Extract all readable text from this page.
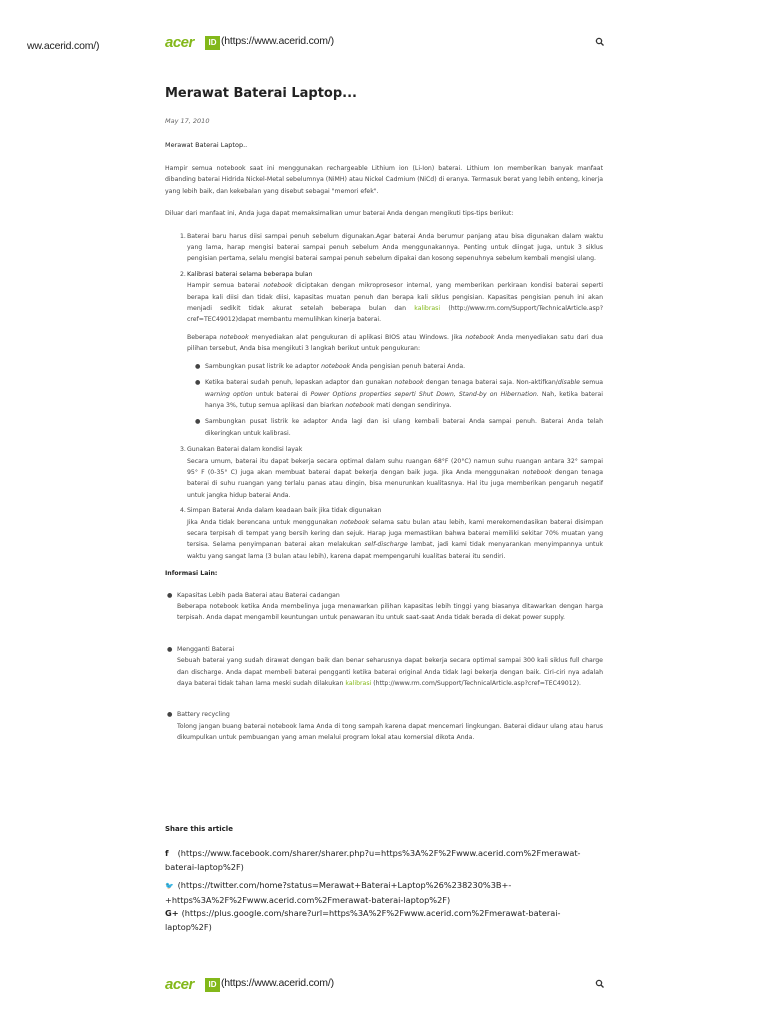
ww.acerid.com/)	acer	ID (https://www.acerid.com/)
Merawat Baterai Laptop...
May 17, 2010
Merawat Baterai Laptop..

Hampir semua notebook saat ini menggunakan rechargeable Lithium ion (Li-Ion) baterai. Lithium Ion memberikan banyak manfaat dibanding baterai Hidrida Nickel-Metal sebelumnya (NiMH) atau Nickel Cadmium (NiCd) di eranya. Termasuk berat yang lebih enteng, kinerja yang lebih baik, dan kekebalan yang disebut sebagai "memori efek".

Diluar dari manfaat ini, Anda juga dapat memaksimalkan umur baterai Anda dengan mengikuti tips-tips berikut:

1. Baterai baru harus diisi sampai penuh sebelum digunakan.Agar baterai Anda berumur panjang atau bisa digunakan dalam waktu yang lama, harap mengisi baterai sampai penuh sebelum Anda menggunakannya. Penting untuk diingat juga, untuk 3 siklus pengisian pertama, selalu mengisi baterai sampai penuh sebelum dipakai dan kosong sepenuhnya sebelum kembali mengisi ulang.

2. Kalibrasi baterai selama beberapa bulan

Hampir semua baterai notebook diciptakan dengan mikroprosesor internal, yang memberikan perkiraan kondisi baterai seperti berapa kali diisi dan tidak diisi, kapasitas muatan penuh dan berapa kali siklus pengisian. Kapasitas pengisian penuh ini akan menjadi sedikit tidak akurat setelah beberapa bulan dan kalibrasi (http://www.rm.com/Support/TechnicalArticle.asp?cref=TEC49012)dapat membantu memulihkan kinerja baterai.

Beberapa notebook menyediakan alat pengukuran di aplikasi BIOS atau Windows. Jika notebook Anda menyediakan satu dari dua pilihan tersebut, Anda bisa mengikuti 3 langkah berikut untuk pengukuran:

● Sambungkan pusat listrik ke adaptor notebook Anda pengisian penuh baterai Anda.
● Ketika baterai sudah penuh, lepaskan adaptor dan gunakan notebook dengan tenaga baterai saja. Non-aktifkan/disable semua warning option untuk baterai di Power Options properties seperti Shut Down, Stand-by on Hibernation. Nah, ketika baterai hanya 3%, tutup semua aplikasi dan biarkan notebook mati dengan sendirinya.
● Sambungkan pusat listrik ke adaptor Anda lagi dan isi ulang kembali baterai Anda sampai penuh. Baterai Anda telah dikeringkan untuk kalibrasi.
3. Gunakan Baterai dalam kondisi layak

Secara umum, baterai itu dapat bekerja secara optimal dalam suhu ruangan 68°F (20°C) namun suhu ruangan antara 32° sampai 95° F (0-35° C) juga akan membuat baterai dapat bekerja dengan baik juga. Jika Anda menggunakan notebook dengan tenaga baterai di suhu ruangan yang terlalu panas atau dingin, bisa menurunkan kualitasnya. Hal itu juga memberikan pengaruh negatif untuk jangka hidup baterai Anda.

4. Simpan Baterai Anda dalam keadaan baik jika tidak digunakan

Jika Anda tidak berencana untuk menggunakan notebook selama satu bulan atau lebih, kami merekomendasikan baterai disimpan secara terpisah di tempat yang bersih kering dan sejuk. Harap juga memastikan bahwa baterai memiliki sekitar 70% muatan yang tersisa. Selama penyimpanan baterai akan melakukan self-discharge lambat, jadi kami tidak menyarankan menyimpannya untuk waktu yang sangat lama (3 bulan atau lebih), karena dapat mempengaruhi kualitas baterai itu sendiri.

Informasi Lain:

● Kapasitas Lebih pada Baterai atau Baterai cadangan
Beberapa notebook ketika Anda membelinya juga menawarkan pilihan kapasitas lebih tinggi yang biasanya ditawarkan dengan harga terpisah. Anda dapat mengambil keuntungan untuk penawaran itu untuk saat-saat Anda tidak berada di dekat power supply.
● Mengganti Baterai
Sebuah baterai yang sudah dirawat dengan baik dan benar seharusnya dapat bekerja secara optimal sampai 300 kali siklus full charge dan discharge. Anda dapat membeli baterai pengganti ketika baterai original Anda tidak lagi bekerja dengan baik. Ciri-ciri nya adalah daya baterai tidak tahan lama meski sudah dilakukan kalibrasi (http://www.rm.com/Support/TechnicalArticle.asp?cref=TEC49012).
● Battery recycling
Tolong jangan buang baterai notebook lama Anda di tong sampah karena dapat mencemari lingkungan. Baterai didaur ulang atau harus dikumpulkan untuk pembuangan yang aman melalui program lokal atau komersial dikota Anda.
Share this article
f (https://www.facebook.com/sharer/sharer.php?u=https%3A%2F%2Fwww.acerid.com%2Fmerawat-baterai-laptop%2F)
🐦 (https://twitter.com/home?status=Merawat+Baterai+Laptop%26%238230%3B+-+https%3A%2F%2Fwww.acerid.com%2Fmerawat-baterai-laptop%2F)
G+ (https://plus.google.com/share?url=https%3A%2F%2Fwww.acerid.com%2Fmerawat-baterai-laptop%2F)
acer	ID (https://www.acerid.com/)
